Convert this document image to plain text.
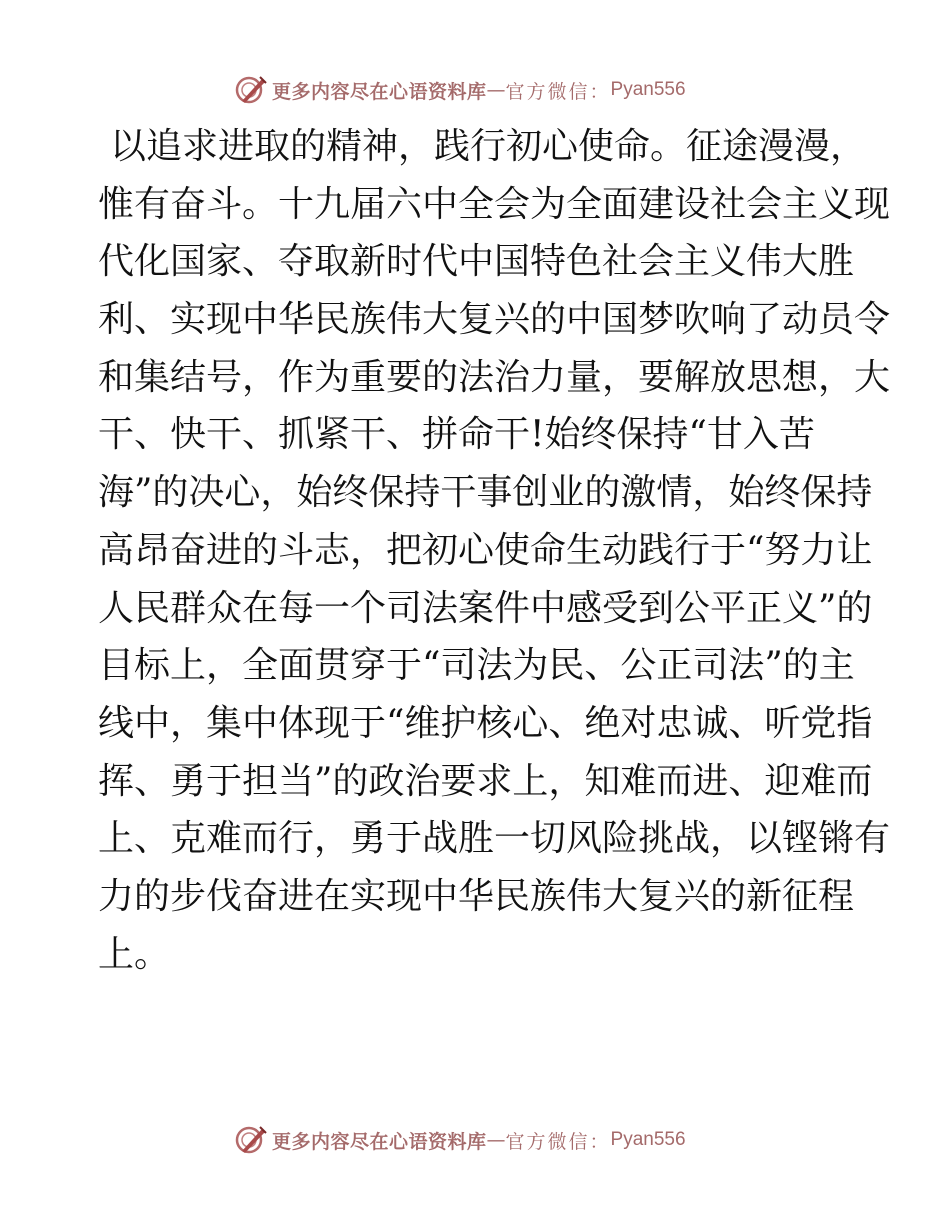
更多内容尽在心语资料库 — 官方微信： Pyan556
以追求进取的精神，践行初心使命。征途漫漫，
惟有奋斗。十九届六中全会为全面建设社会主义现
代化国家、夺取新时代中国特色社会主义伟大胜
利、实现中华民族伟大复兴的中国梦吹响了动员令
和集结号，作为重要的法治力量，要解放思想，大
干、快干、抓紧干、拼命干!始终保持“甘入苦
海”的决心，始终保持干事创业的激情，始终保持
高昂奋进的斗志，把初心使命生动践行于“努力让
人民群众在每一个司法案件中感受到公平正义”的
目标上，全面贯穿于“司法为民、公正司法”的主
线中，集中体现于“维护核心、绝对忠诚、听党指
挥、勇于担当”的政治要求上，知难而进、迎难而
上、克难而行，勇于战胜一切风险挑战，以铿锵有
力的步伐奋进在实现中华民族伟大复兴的新征程
上。
更多内容尽在心语资料库 — 官方微信： Pyan556
